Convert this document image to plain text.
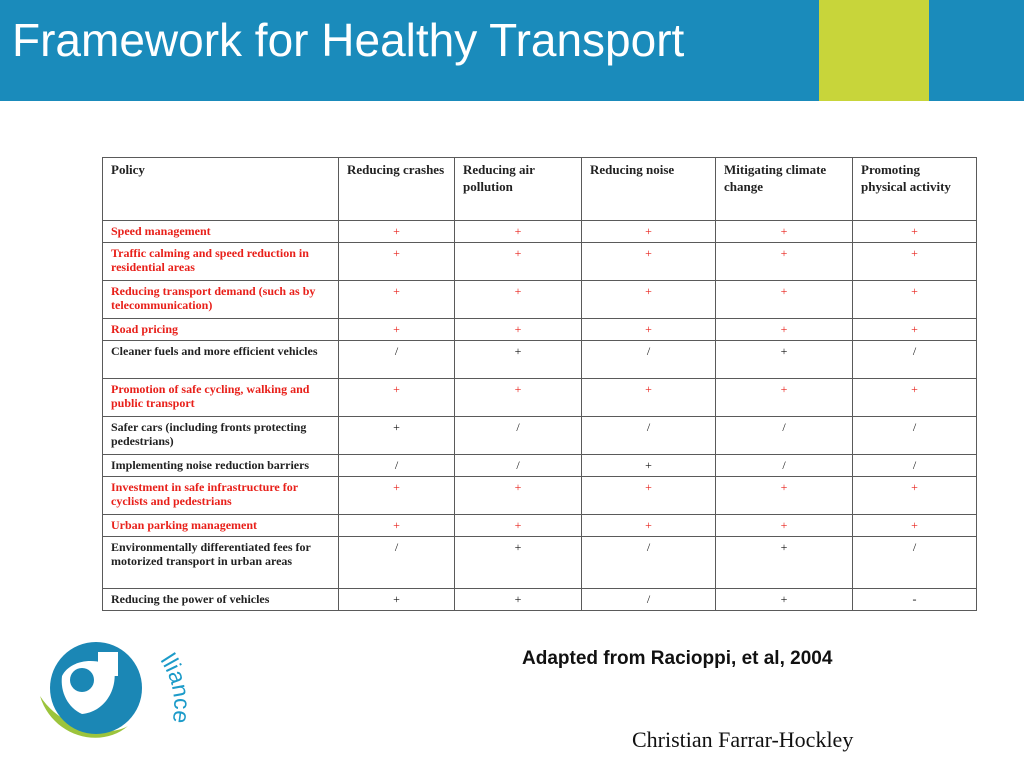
Framework for Healthy Transport
Policy	Reducing crashes	Reducing air pollution	Reducing noise	Mitigating climate change	Promoting physical activity
Speed management	+	+	+	+	+
Traffic calming and speed reduction in residential areas	+	+	+	+	+
Reducing transport demand (such as by telecommunication)	+	+	+	+	+
Road pricing	+	+	+	+	+
Cleaner fuels and more efficient vehicles	/	+	/	+	/
Promotion of safe cycling, walking and public transport	+	+	+	+	+
Safer cars (including fronts protecting pedestrians)	+	/	/	/	/
Implementing noise reduction barriers	/	/	+	/	/
Investment in safe infrastructure for cyclists and pedestrians	+	+	+	+	+
Urban parking management	+	+	+	+	+
Environmentally differentiated fees for motorized transport in urban areas	/	+	/	+	/
Reducing the power of vehicles	+	+	/	+	-
Adapted from Racioppi, et al, 2004
Christian Farrar-Hockley
lliance
